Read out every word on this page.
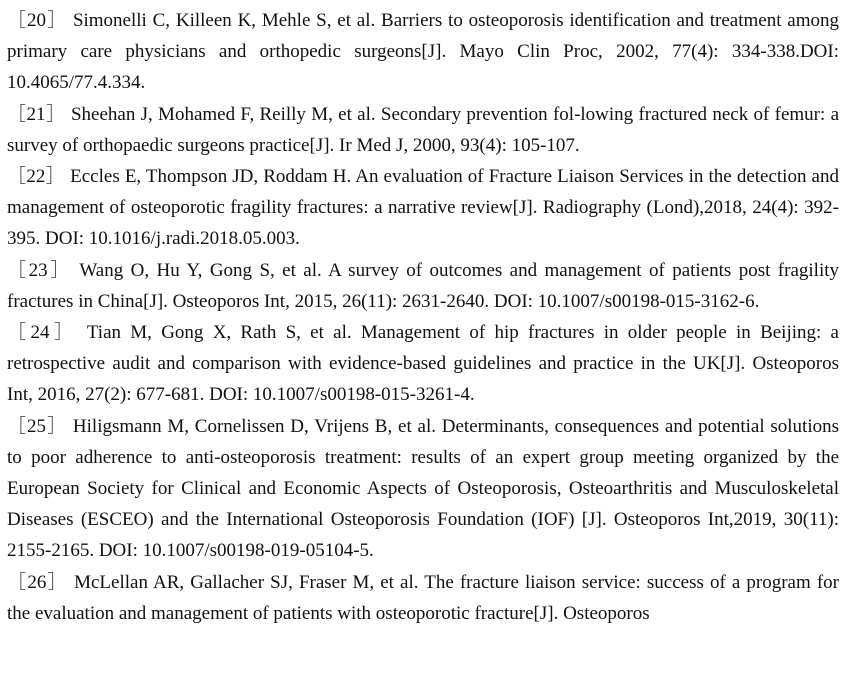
［20］ Simonelli C, Killeen K, Mehle S, et al. Barriers to osteoporosis identification and treatment among primary care physicians and orthopedic surgeons[J]. Mayo Clin Proc, 2002, 77(4): 334-338.DOI: 10.4065/77.4.334.

［21］ Sheehan J, Mohamed F, Reilly M, et al. Secondary prevention fol-lowing fractured neck of femur: a survey of orthopaedic surgeons practice[J]. Ir Med J, 2000, 93(4): 105-107.

［22］ Eccles E, Thompson JD, Roddam H. An evaluation of Fracture Liaison Services in the detection and management of osteoporotic fragility fractures: a narrative review[J]. Radiography (Lond),2018, 24(4): 392-395. DOI: 10.1016/j.radi.2018.05.003.

［23］ Wang O, Hu Y, Gong S, et al. A survey of outcomes and management of patients post fragility fractures in China[J]. Osteoporos Int, 2015, 26(11): 2631-2640. DOI: 10.1007/s00198-015-3162-6.

［24］ Tian M, Gong X, Rath S, et al. Management of hip fractures in older people in Beijing: a retrospective audit and comparison with evidence-based guidelines and practice in the UK[J]. Osteoporos Int, 2016, 27(2): 677-681. DOI: 10.1007/s00198-015-3261-4.

［25］ Hiligsmann M, Cornelissen D, Vrijens B, et al. Determinants, consequences and potential solutions to poor adherence to anti-osteoporosis treatment: results of an expert group meeting organized by the European Society for Clinical and Economic Aspects of Osteoporosis, Osteoarthritis and Musculoskeletal Diseases (ESCEO) and the International Osteoporosis Foundation (IOF) [J]. Osteoporos Int,2019, 30(11): 2155-2165. DOI: 10.1007/s00198-019-05104-5.

［26］ McLellan AR, Gallacher SJ, Fraser M, et al. The fracture liaison service: success of a program for the evaluation and management of patients with osteoporotic fracture[J]. Osteoporos
